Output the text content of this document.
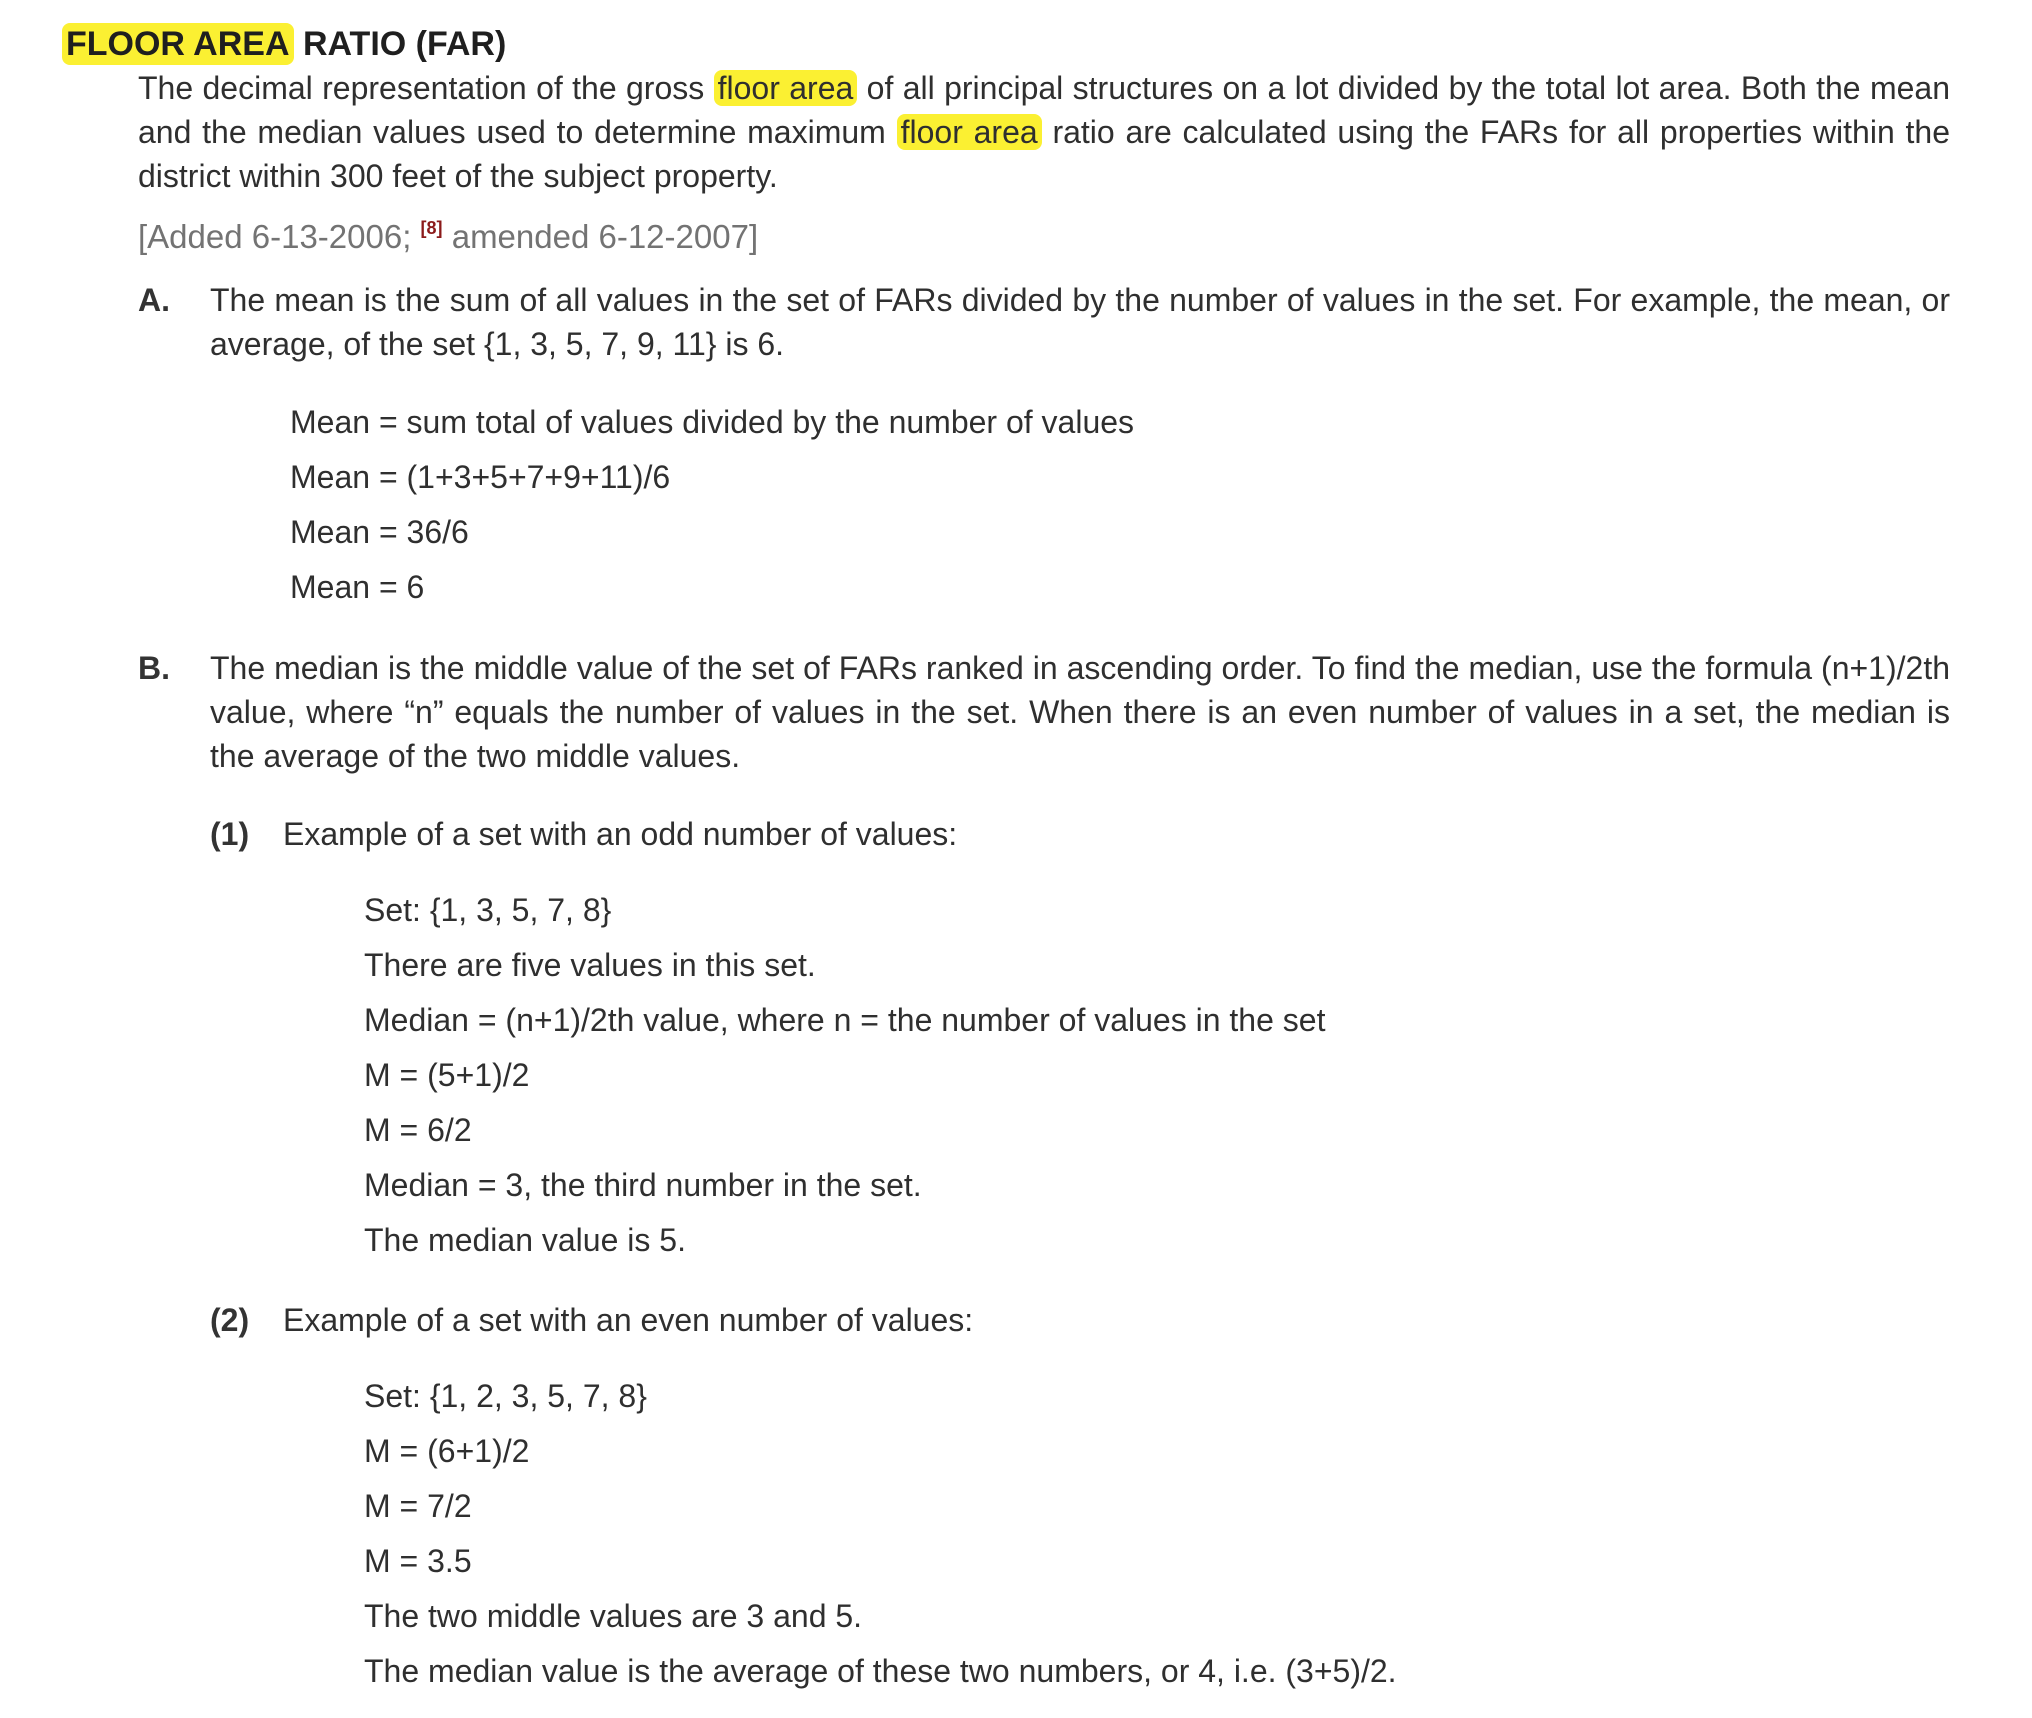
FLOOR AREA RATIO (FAR)
The decimal representation of the gross floor area of all principal structures on a lot divided by the total lot area. Both the mean and the median values used to determine maximum floor area ratio are calculated using the FARs for all properties within the district within 300 feet of the subject property.
[Added 6-13-2006; [8] amended 6-12-2007]
A. The mean is the sum of all values in the set of FARs divided by the number of values in the set. For example, the mean, or average, of the set {1, 3, 5, 7, 9, 11} is 6.
Mean = sum total of values divided by the number of values
Mean = (1+3+5+7+9+11)/6
Mean = 36/6
Mean = 6
B. The median is the middle value of the set of FARs ranked in ascending order. To find the median, use the formula (n+1)/2th value, where “n” equals the number of values in the set. When there is an even number of values in a set, the median is the average of the two middle values.
(1) Example of a set with an odd number of values:
Set: {1, 3, 5, 7, 8}
There are five values in this set.
Median = (n+1)/2th value, where n = the number of values in the set
M = (5+1)/2
M = 6/2
Median = 3, the third number in the set.
The median value is 5.
(2) Example of a set with an even number of values:
Set: {1, 2, 3, 5, 7, 8}
M = (6+1)/2
M = 7/2
M = 3.5
The two middle values are 3 and 5.
The median value is the average of these two numbers, or 4, i.e. (3+5)/2.
